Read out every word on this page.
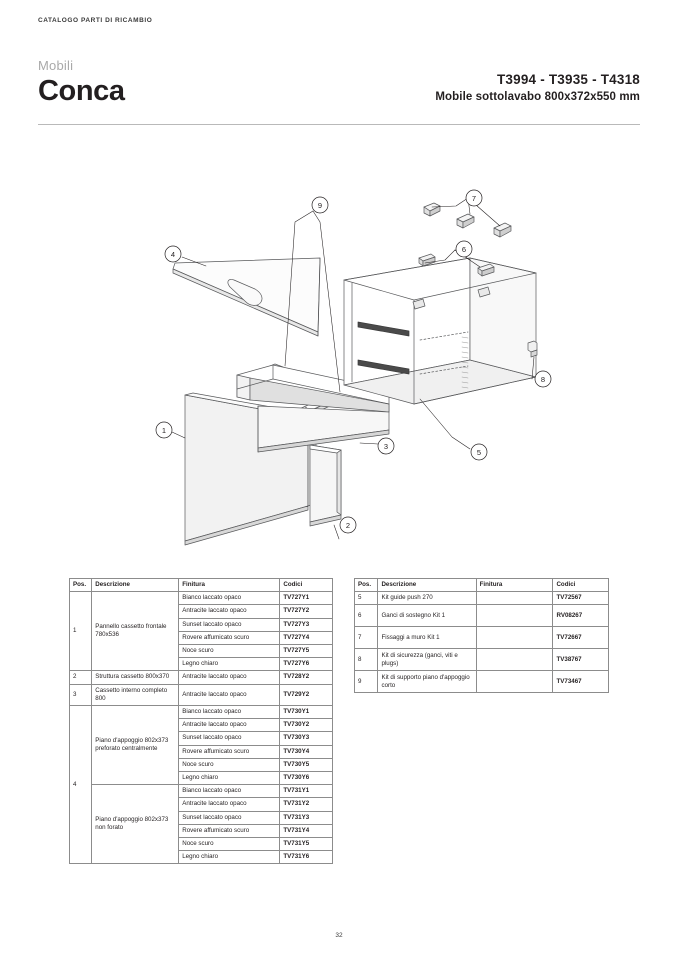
CATALOGO PARTI DI RICAMBIO
Mobili
Conca	T3994 - T3935 - T4318
Mobile sottolavabo 800x372x550 mm
1
2
3
4
5
6
7
8
9
Pos.	Descrizione	Finitura	Codici
1	Pannello cassetto frontale 780x536	Bianco laccato opaco	TV727Y1
		Antracite laccato opaco	TV727Y2
		Sunset laccato opaco	TV727Y3
		Rovere affumicato scuro	TV727Y4
		Noce scuro	TV727Y5
		Legno chiaro	TV727Y6
2	Struttura cassetto 800x370	Antracite laccato opaco	TV728Y2
3	Cassetto interno completo 800	Antracite laccato opaco	TV729Y2
4	Piano d'appoggio 802x373 preforato centralmente	Bianco laccato opaco	TV730Y1
		Antracite laccato opaco	TV730Y2
		Sunset laccato opaco	TV730Y3
		Rovere affumicato scuro	TV730Y4
		Noce scuro	TV730Y5
		Legno chiaro	TV730Y6
	Piano d'appoggio 802x373 non forato	Bianco laccato opaco	TV731Y1
		Antracite laccato opaco	TV731Y2
		Sunset laccato opaco	TV731Y3
		Rovere affumicato scuro	TV731Y4
		Noce scuro	TV731Y5
		Legno chiaro	TV731Y6
Pos.	Descrizione	Finitura	Codici
5	Kit guide push 270		TV72567
6	Ganci di sostegno Kit 1		RV08267
7	Fissaggi a muro Kit 1		TV72667
8	Kit di sicurezza (ganci, viti e plugs)		TV38767
9	Kit di supporto piano d'appoggio corto		TV73467
32
